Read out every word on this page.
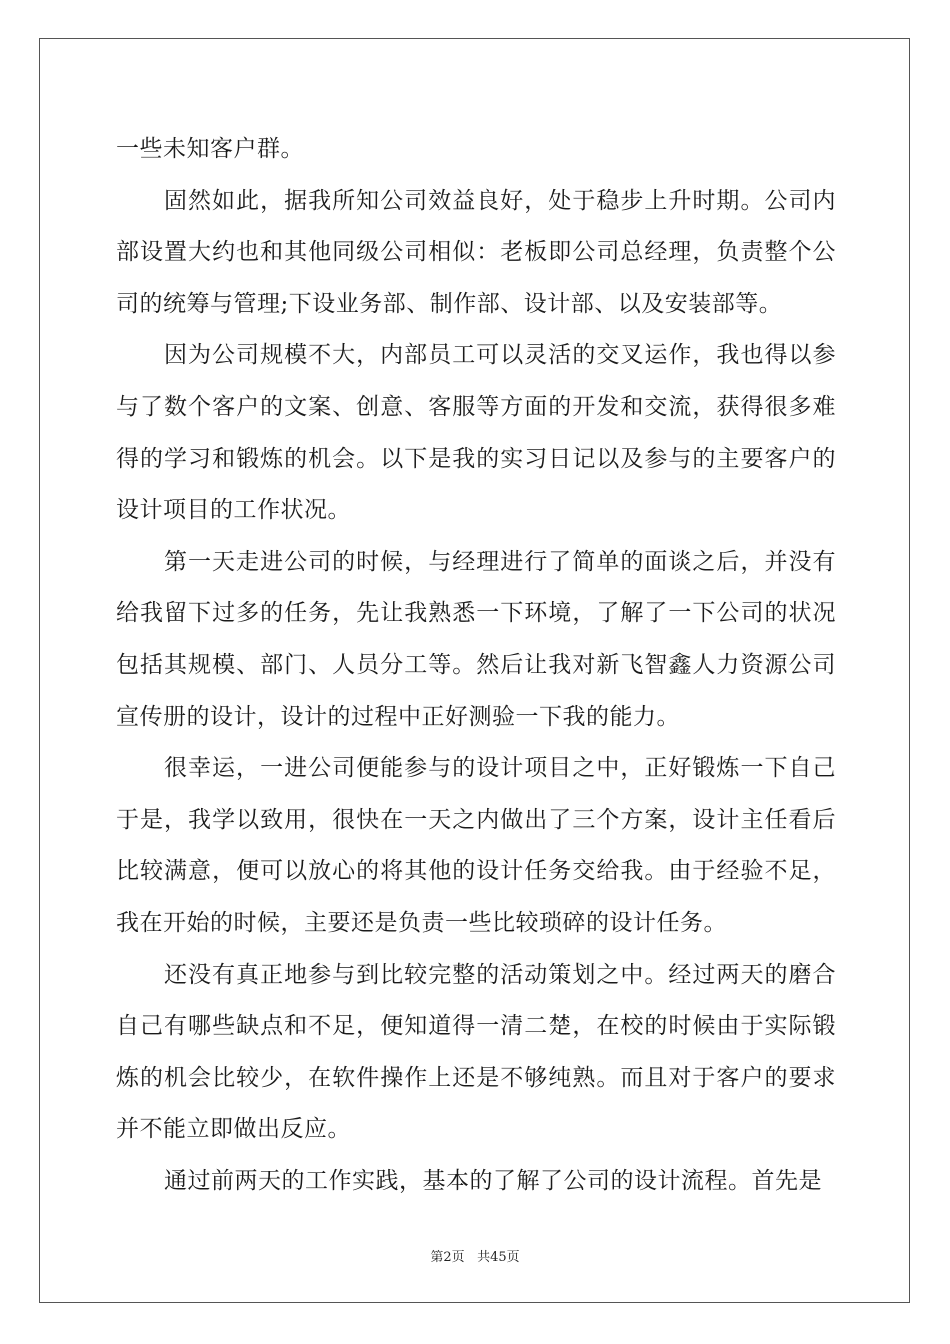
一些未知客户群。

固然如此，据我所知公司效益良好，处于稳步上升时期。公司内部设置大约也和其他同级公司相似：老板即公司总经理，负责整个公司的统筹与管理;下设业务部、制作部、设计部、以及安装部等。

因为公司规模不大，内部员工可以灵活的交叉运作，我也得以参与了数个客户的文案、创意、客服等方面的开发和交流，获得很多难得的学习和锻炼的机会。以下是我的实习日记以及参与的主要客户的设计项目的工作状况。

第一天走进公司的时候，与经理进行了简单的面谈之后，并没有给我留下过多的任务，先让我熟悉一下环境，了解了一下公司的状况包括其规模、部门、人员分工等。然后让我对新飞智鑫人力资源公司宣传册的设计，设计的过程中正好测验一下我的能力。

很幸运，一进公司便能参与的设计项目之中，正好锻炼一下自己于是，我学以致用，很快在一天之内做出了三个方案，设计主任看后比较满意，便可以放心的将其他的设计任务交给我。由于经验不足，我在开始的时候，主要还是负责一些比较琐碎的设计任务。

还没有真正地参与到比较完整的活动策划之中。经过两天的磨合自己有哪些缺点和不足，便知道得一清二楚，在校的时候由于实际锻炼的机会比较少，在软件操作上还是不够纯熟。而且对于客户的要求并不能立即做出反应。

通过前两天的工作实践，基本的了解了公司的设计流程。首先是

第2页 共45页
